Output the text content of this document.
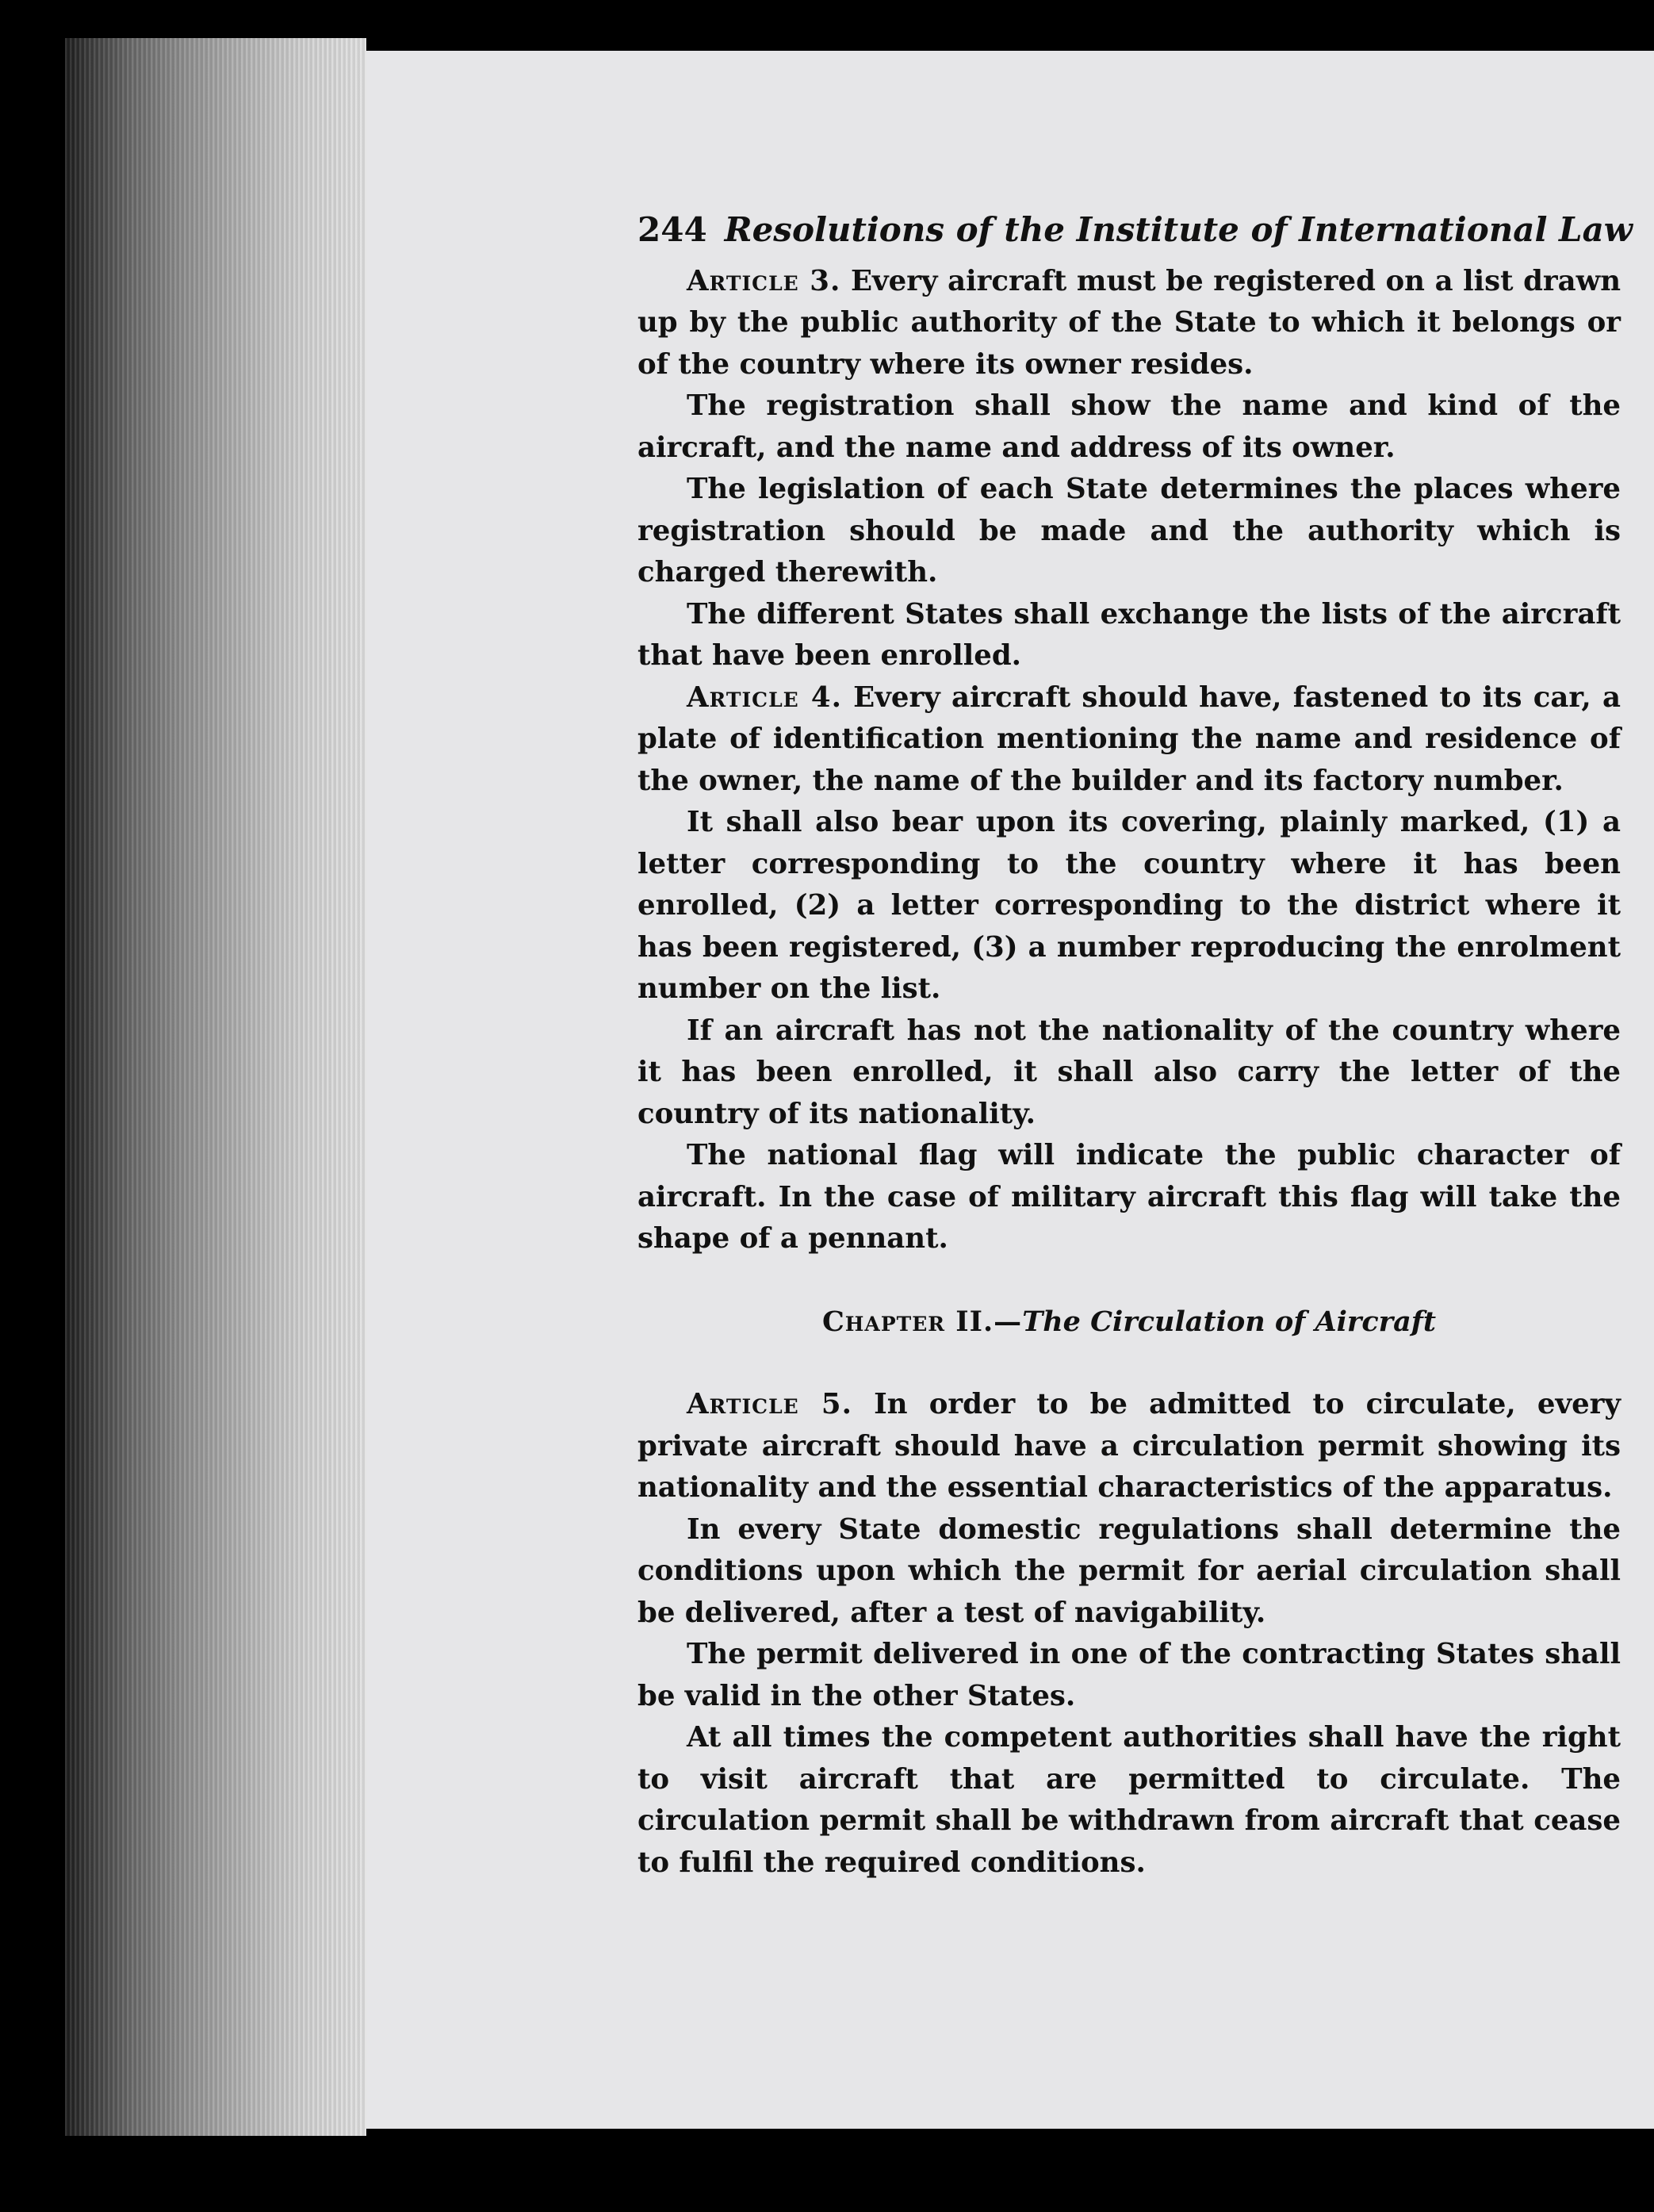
244 Resolutions of the Institute of International Law

Article 3. Every aircraft must be registered on a list drawn up by the public authority of the State to which it belongs or of the country where its owner resides.

The registration shall show the name and kind of the aircraft, and the name and address of its owner.

The legislation of each State determines the places where registration should be made and the authority which is charged therewith.

The different States shall exchange the lists of the aircraft that have been enrolled.

Article 4. Every aircraft should have, fastened to its car, a plate of identification mentioning the name and residence of the owner, the name of the builder and its factory number.

It shall also bear upon its covering, plainly marked, (1) a letter corresponding to the country where it has been enrolled, (2) a letter corresponding to the district where it has been registered, (3) a number reproducing the enrolment number on the list.

If an aircraft has not the nationality of the country where it has been enrolled, it shall also carry the letter of the country of its nationality.

The national flag will indicate the public character of aircraft. In the case of military aircraft this flag will take the shape of a pennant.

Chapter II.—The Circulation of Aircraft

Article 5. In order to be admitted to circulate, every private aircraft should have a circulation permit showing its nationality and the essential characteristics of the apparatus.

In every State domestic regulations shall determine the conditions upon which the permit for aerial circulation shall be delivered, after a test of navigability.

The permit delivered in one of the contracting States shall be valid in the other States.

At all times the competent authorities shall have the right to visit aircraft that are permitted to circulate. The circulation permit shall be withdrawn from aircraft that cease to fulfil the required conditions.
